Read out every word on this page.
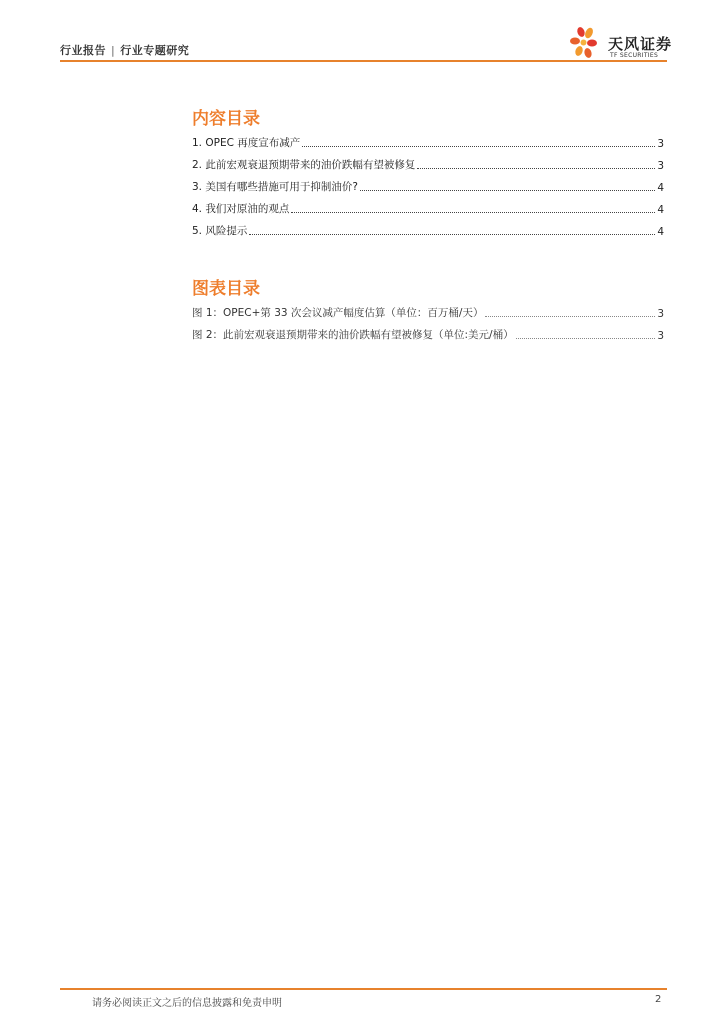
行业报告 | 行业专题研究	天风证券
TF SECURITIES
内容目录
1. OPEC 再度宣布减产	3
2. 此前宏观衰退预期带来的油价跌幅有望被修复	3
3. 美国有哪些措施可用于抑制油价?	4
4. 我们对原油的观点	4
5. 风险提示	4
图表目录
图 1：OPEC+第 33 次会议减产幅度估算（单位：百万桶/天）	3
图 2：此前宏观衰退预期带来的油价跌幅有望被修复（单位:美元/桶）	3
请务必阅读正文之后的信息披露和免责申明	2
